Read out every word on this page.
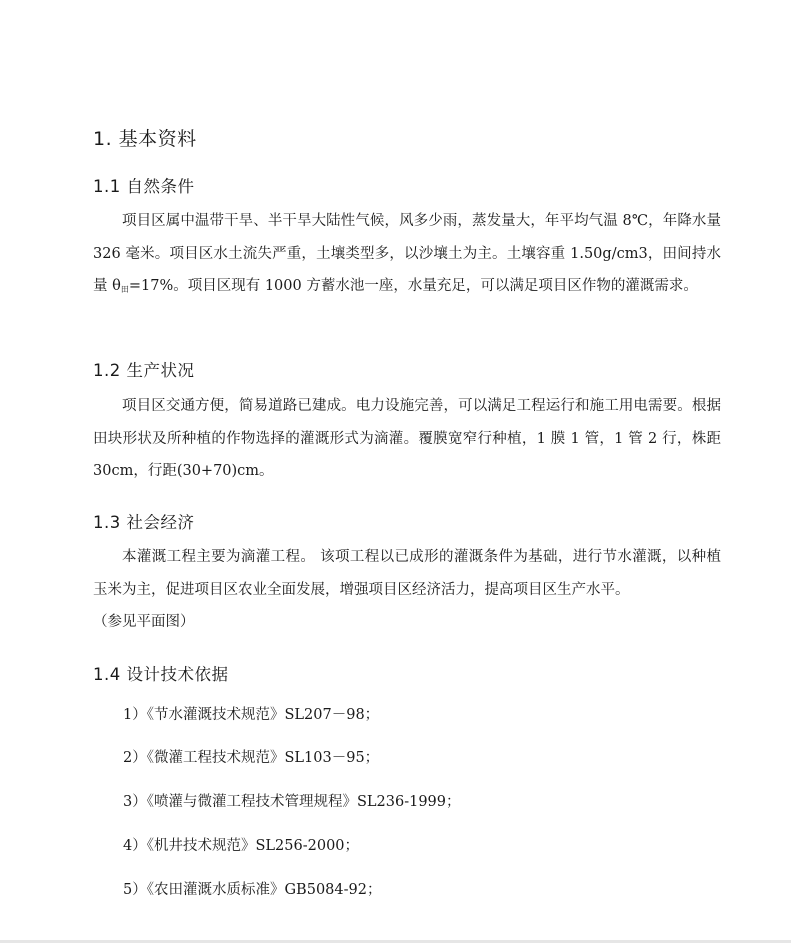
1. 基本资料
1.1 自然条件
项目区属中温带干旱、半干旱大陆性气候，风多少雨，蒸发量大，年平均气温 8℃，年降水量 326 毫米。项目区水土流失严重，土壤类型多，以沙壤土为主。土壤容重 1.50g/cm3，田间持水量 $\theta_田=17\%$。项目区现有 1000 方蓄水池一座，水量充足，可以满足项目区作物的灌溉需求。
1.2 生产状况
项目区交通方便，简易道路已建成。电力设施完善，可以满足工程运行和施工用电需要。根据田块形状及所种植的作物选择的灌溉形式为滴灌。覆膜宽窄行种植，1 膜 1 管，1 管 2 行，株距 30cm，行距(30+70)cm。
1.3 社会经济
本灌溉工程主要为滴灌工程。 该项工程以已成形的灌溉条件为基础，进行节水灌溉，以种植玉米为主，促进项目区农业全面发展，增强项目区经济活力，提高项目区生产水平。
（参见平面图）
1.4 设计技术依据
1）《节水灌溉技术规范》SL207－98；
2）《微灌工程技术规范》SL103－95；
3）《喷灌与微灌工程技术管理规程》SL236-1999；
4）《机井技术规范》SL256-2000；
5）《农田灌溉水质标准》GB5084-92；
